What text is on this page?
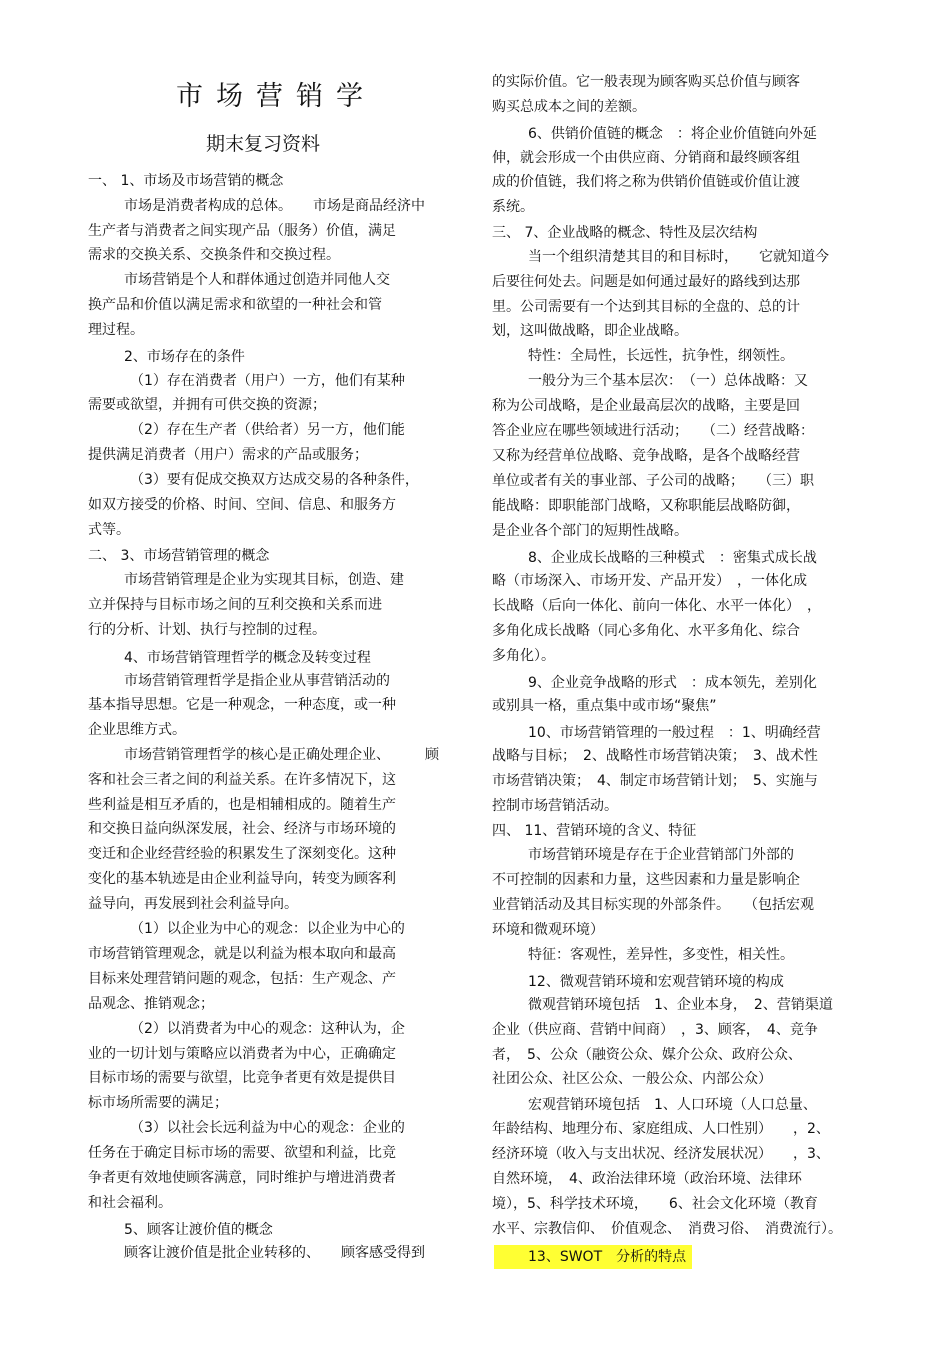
市场营销学
期末复习资料
一、 1、市场及市场营销的概念
市场是消费者构成的总体。　　市场是商品经济中
生产者与消费者之间实现产品（服务）价值，满足
需求的交换关系、交换条件和交换过程。
市场营销是个人和群体通过创造并同他人交
换产品和价值以满足需求和欲望的一种社会和管
理过程。
2、市场存在的条件
（1）存在消费者（用户）一方，他们有某种
需要或欲望，并拥有可供交换的资源；
（2）存在生产者（供给者）另一方，他们能
提供满足消费者（用户）需求的产品或服务；
（3）要有促成交换双方达成交易的各种条件，
如双方接受的价格、时间、空间、信息、和服务方
式等。
二、 3、市场营销管理的概念
市场营销管理是企业为实现其目标，创造、建
立并保持与目标市场之间的互利交换和关系而进
行的分析、计划、执行与控制的过程。
4、市场营销管理哲学的概念及转变过程
市场营销管理哲学是指企业从事营销活动的
基本指导思想。它是一种观念，一种态度，或一种
企业思维方式。
市场营销管理哲学的核心是正确处理企业、　　　顾
客和社会三者之间的利益关系。在许多情况下，这
些利益是相互矛盾的，也是相辅相成的。随着生产
和交换日益向纵深发展，社会、经济与市场环境的
变迁和企业经营经验的积累发生了深刻变化。这种
变化的基本轨迹是由企业利益导向，转变为顾客利
益导向，再发展到社会利益导向。
（1）以企业为中心的观念：以企业为中心的
市场营销管理观念，就是以利益为根本取向和最高
目标来处理营销问题的观念，包括：生产观念、产
品观念、推销观念；
（2）以消费者为中心的观念：这种认为，企
业的一切计划与策略应以消费者为中心，正确确定
目标市场的需要与欲望，比竞争者更有效是提供目
标市场所需要的满足；
（3）以社会长远利益为中心的观念：企业的
任务在于确定目标市场的需要、欲望和利益，比竞
争者更有效地使顾客满意，同时维护与增进消费者
和社会福利。
5、顾客让渡价值的概念
顾客让渡价值是批企业转移的、　　顾客感受得到
的实际价值。它一般表现为顾客购买总价值与顾客
购买总成本之间的差额。
6、供销价值链的概念　：将企业价值链向外延
伸，就会形成一个由供应商、分销商和最终顾客组
成的价值链，我们将之称为供销价值链或价值让渡
系统。
三、 7、企业战略的概念、特性及层次结构
当一个组织清楚其目的和目标时，　　它就知道今
后要往何处去。问题是如何通过最好的路线到达那
里。公司需要有一个达到其目标的全盘的、总的计
划，这叫做战略，即企业战略。
特性：全局性，长远性，抗争性，纲领性。
一般分为三个基本层次：　（一）总体战略：又
称为公司战略，是企业最高层次的战略，主要是回
答企业应在哪些领域进行活动；　　（二）经营战略：
又称为经营单位战略、竞争战略，是各个战略经营
单位或者有关的事业部、子公司的战略；　　（三）职
能战略：即职能部门战略，又称职能层战略防御，
是企业各个部门的短期性战略。
8、企业成长战略的三种模式　：密集式成长战
略（市场深入、市场开发、产品开发）　，一体化成
长战略（后向一体化、前向一体化、水平一体化）　，
多角化成长战略（同心多角化、水平多角化、综合
多角化）。
9、企业竞争战略的形式　：成本领先，差别化
或别具一格，重点集中或市场“聚焦”
10、市场营销管理的一般过程　：1、明确经营
战略与目标；　2、战略性市场营销决策；　3、战术性
市场营销决策；　4、制定市场营销计划；　5、实施与
控制市场营销活动。
四、 11、营销环境的含义、特征
市场营销环境是存在于企业营销部门外部的
不可控制的因素和力量，这些因素和力量是影响企
业营销活动及其目标实现的外部条件。　　（包括宏观
环境和微观环境）
特征：客观性，差异性，多变性，相关性。
12、微观营销环境和宏观营销环境的构成
微观营销环境包括　1、企业本身，　2、营销渠道
企业（供应商、营销中间商）　，3、顾客，　4、竞争
者，　5、公众（融资公众、媒介公众、政府公众、
社团公众、社区公众、一般公众、内部公众）
宏观营销环境包括　1、人口环境（人口总量、
年龄结构、地理分布、家庭组成、人口性别）　　，2、
经济环境（收入与支出状况、经济发展状况）　　，3、
自然环境，　4、政治法律环境（政治环境、法律环
境），5、科学技术环境，　　6、社会文化环境（教育
水平、宗教信仰、　价值观念、　消费习俗、　消费流行）。
13、SWOT　分析的特点
